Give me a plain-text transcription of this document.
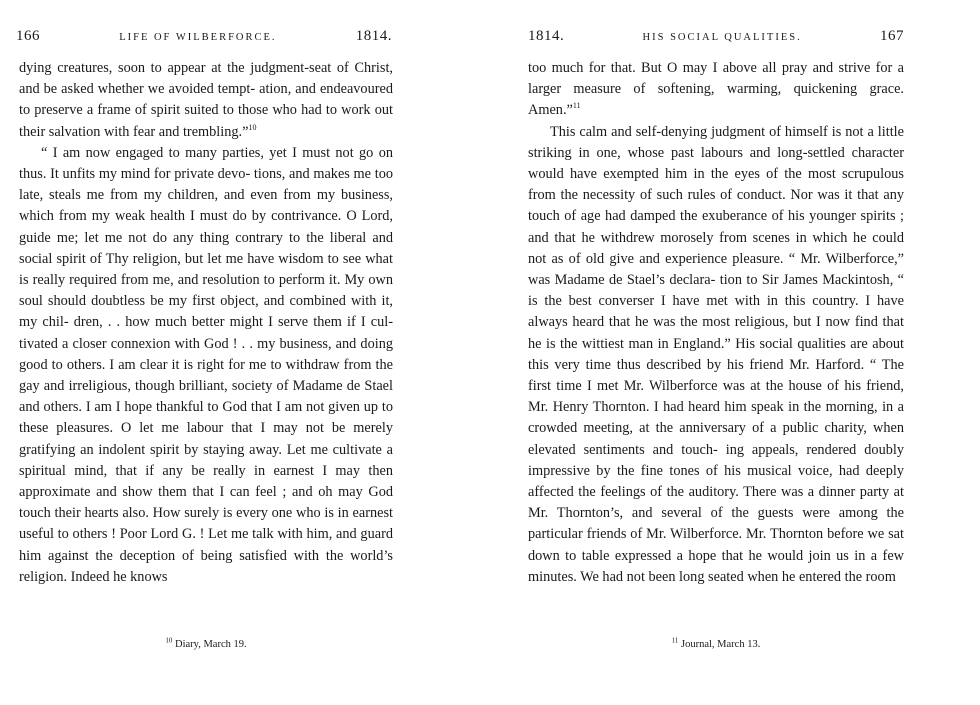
166	LIFE OF WILBERFORCE.	1814.

dying creatures, soon to appear at the judgment-seat of Christ, and be asked whether we avoided tempt- ation, and endeavoured to preserve a frame of spirit suited to those who had to work out their salvation with fear and trembling.”$^{10}$

“ I am now engaged to many parties, yet I must not go on thus. It unfits my mind for private devo- tions, and makes me too late, steals me from my children, and even from my business, which from my weak health I must do by contrivance. O Lord, guide me; let me not do any thing contrary to the liberal and social spirit of Thy religion, but let me have wisdom to see what is really required from me, and resolution to perform it. My own soul should doubtless be my first object, and combined with it, my chil- dren, . . how much better might I serve them if I cul- tivated a closer connexion with God ! . . my business, and doing good to others. I am clear it is right for me to withdraw from the gay and irreligious, though brilliant, society of Madame de Stael and others. I am I hope thankful to God that I am not given up to these pleasures. O let me labour that I may not be merely gratifying an indolent spirit by staying away. Let me cultivate a spiritual mind, that if any be really in earnest I may then approximate and show them that I can feel ; and oh may God touch their hearts also. How surely is every one who is in earnest useful to others ! Poor Lord G. ! Let me talk with him, and guard him against the deception of being satisfied with the world’s religion. Indeed he knows

$^{10}$ Diary, March 19.
1814.	HIS SOCIAL QUALITIES.	167

too much for that. But O may I above all pray and strive for a larger measure of softening, warming, quickening grace. Amen.”$^{11}$

This calm and self-denying judgment of himself is not a little striking in one, whose past labours and long-settled character would have exempted him in the eyes of the most scrupulous from the necessity of such rules of conduct. Nor was it that any touch of age had damped the exuberance of his younger spirits ; and that he withdrew morosely from scenes in which he could not as of old give and experience pleasure. “ Mr. Wilberforce,” was Madame de Stael’s declara- tion to Sir James Mackintosh, “ is the best converser I have met with in this country. I have always heard that he was the most religious, but I now find that he is the wittiest man in England.” His social qualities are about this very time thus described by his friend Mr. Harford. “ The first time I met Mr. Wilberforce was at the house of his friend, Mr. Henry Thornton. I had heard him speak in the morning, in a crowded meeting, at the anniversary of a public charity, when elevated sentiments and touch- ing appeals, rendered doubly impressive by the fine tones of his musical voice, had deeply affected the feelings of the auditory. There was a dinner party at Mr. Thornton’s, and several of the guests were among the particular friends of Mr. Wilberforce. Mr. Thornton before we sat down to table expressed a hope that he would join us in a few minutes. We had not been long seated when he entered the room

$^{11}$ Journal, March 13.
